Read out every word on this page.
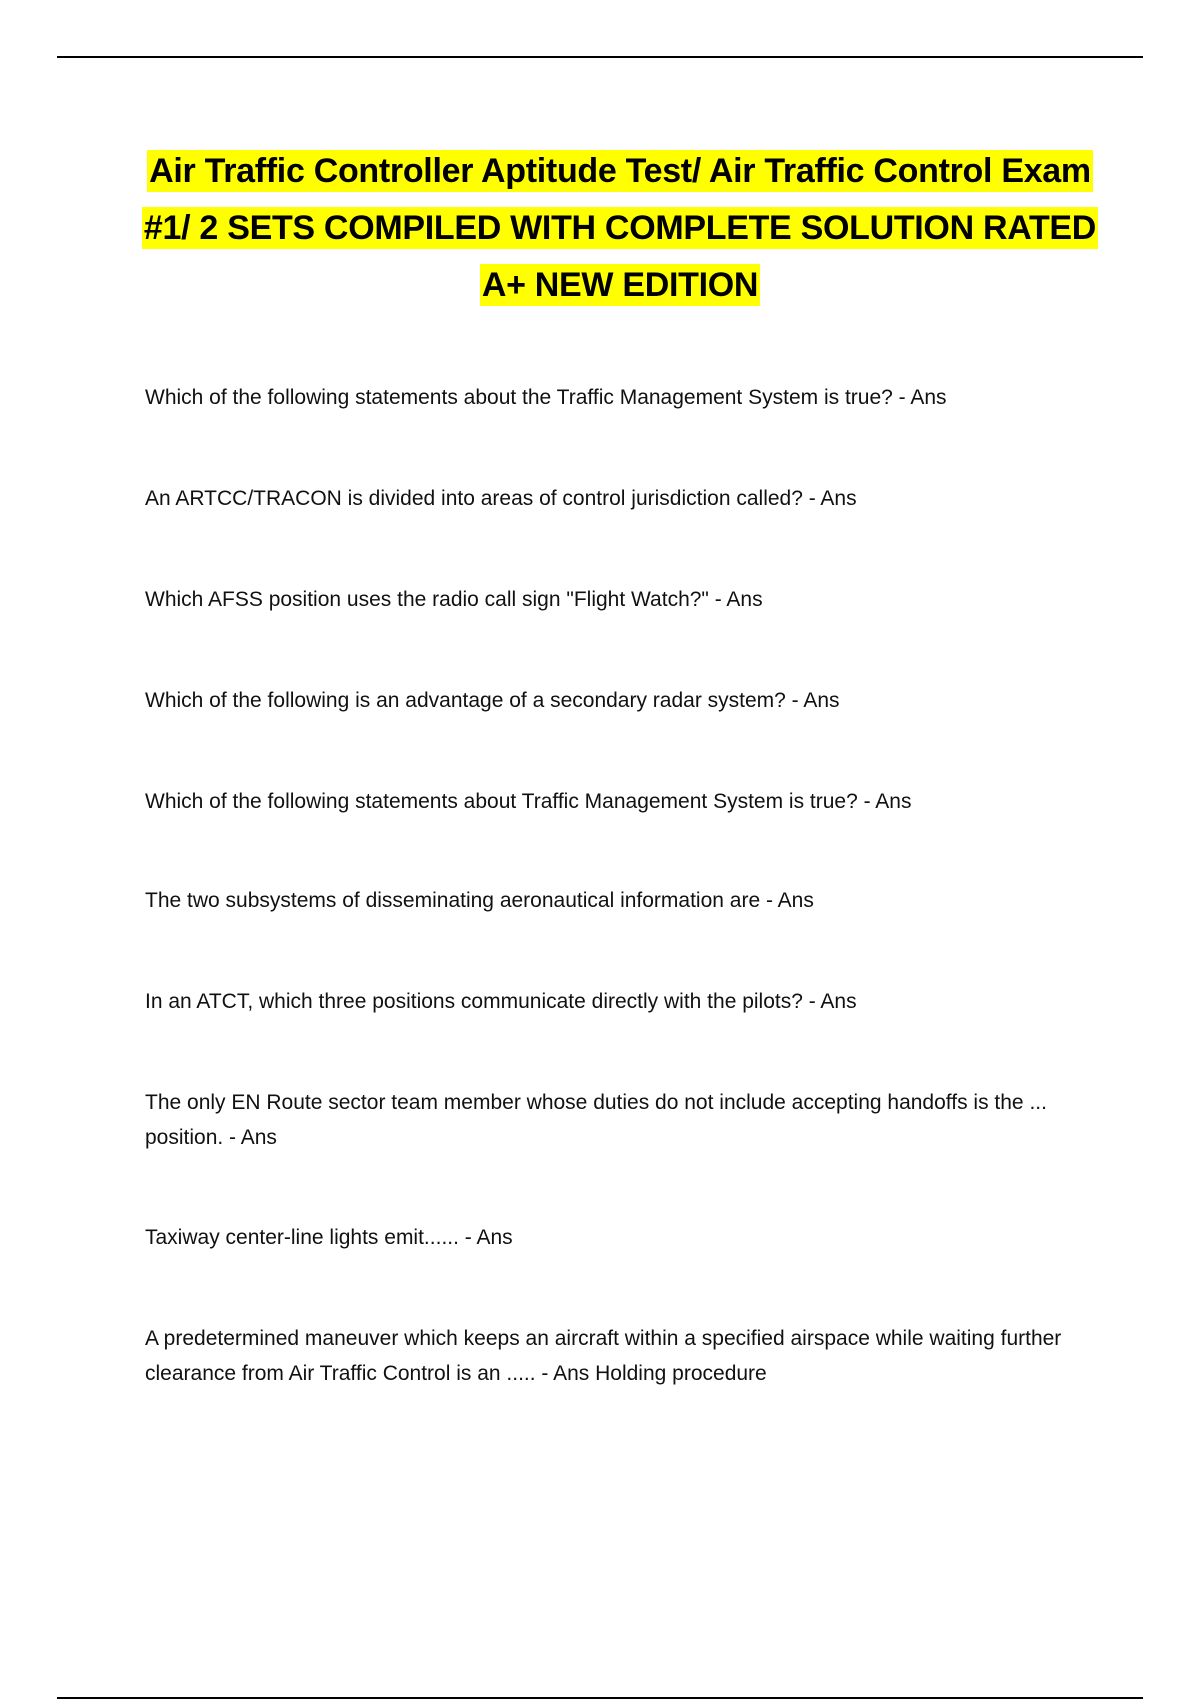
Air Traffic Controller Aptitude Test/ Air Traffic Control Exam #1/ 2 SETS COMPILED WITH COMPLETE SOLUTION RATED A+ NEW EDITION

Which of the following statements about the Traffic Management System is true? - Ans

An ARTCC/TRACON is divided into areas of control jurisdiction called? - Ans

Which AFSS position uses the radio call sign "Flight Watch?" - Ans

Which of the following is an advantage of a secondary radar system? - Ans

Which of the following statements about Traffic Management System is true? - Ans

The two subsystems of disseminating aeronautical information are - Ans

In an ATCT, which three positions communicate directly with the pilots? - Ans

The only EN Route sector team member whose duties do not include accepting handoffs is the ... position. - Ans

Taxiway center-line lights emit...... - Ans

A predetermined maneuver which keeps an aircraft within a specified airspace while waiting further clearance from Air Traffic Control is an ..... - Ans Holding procedure
